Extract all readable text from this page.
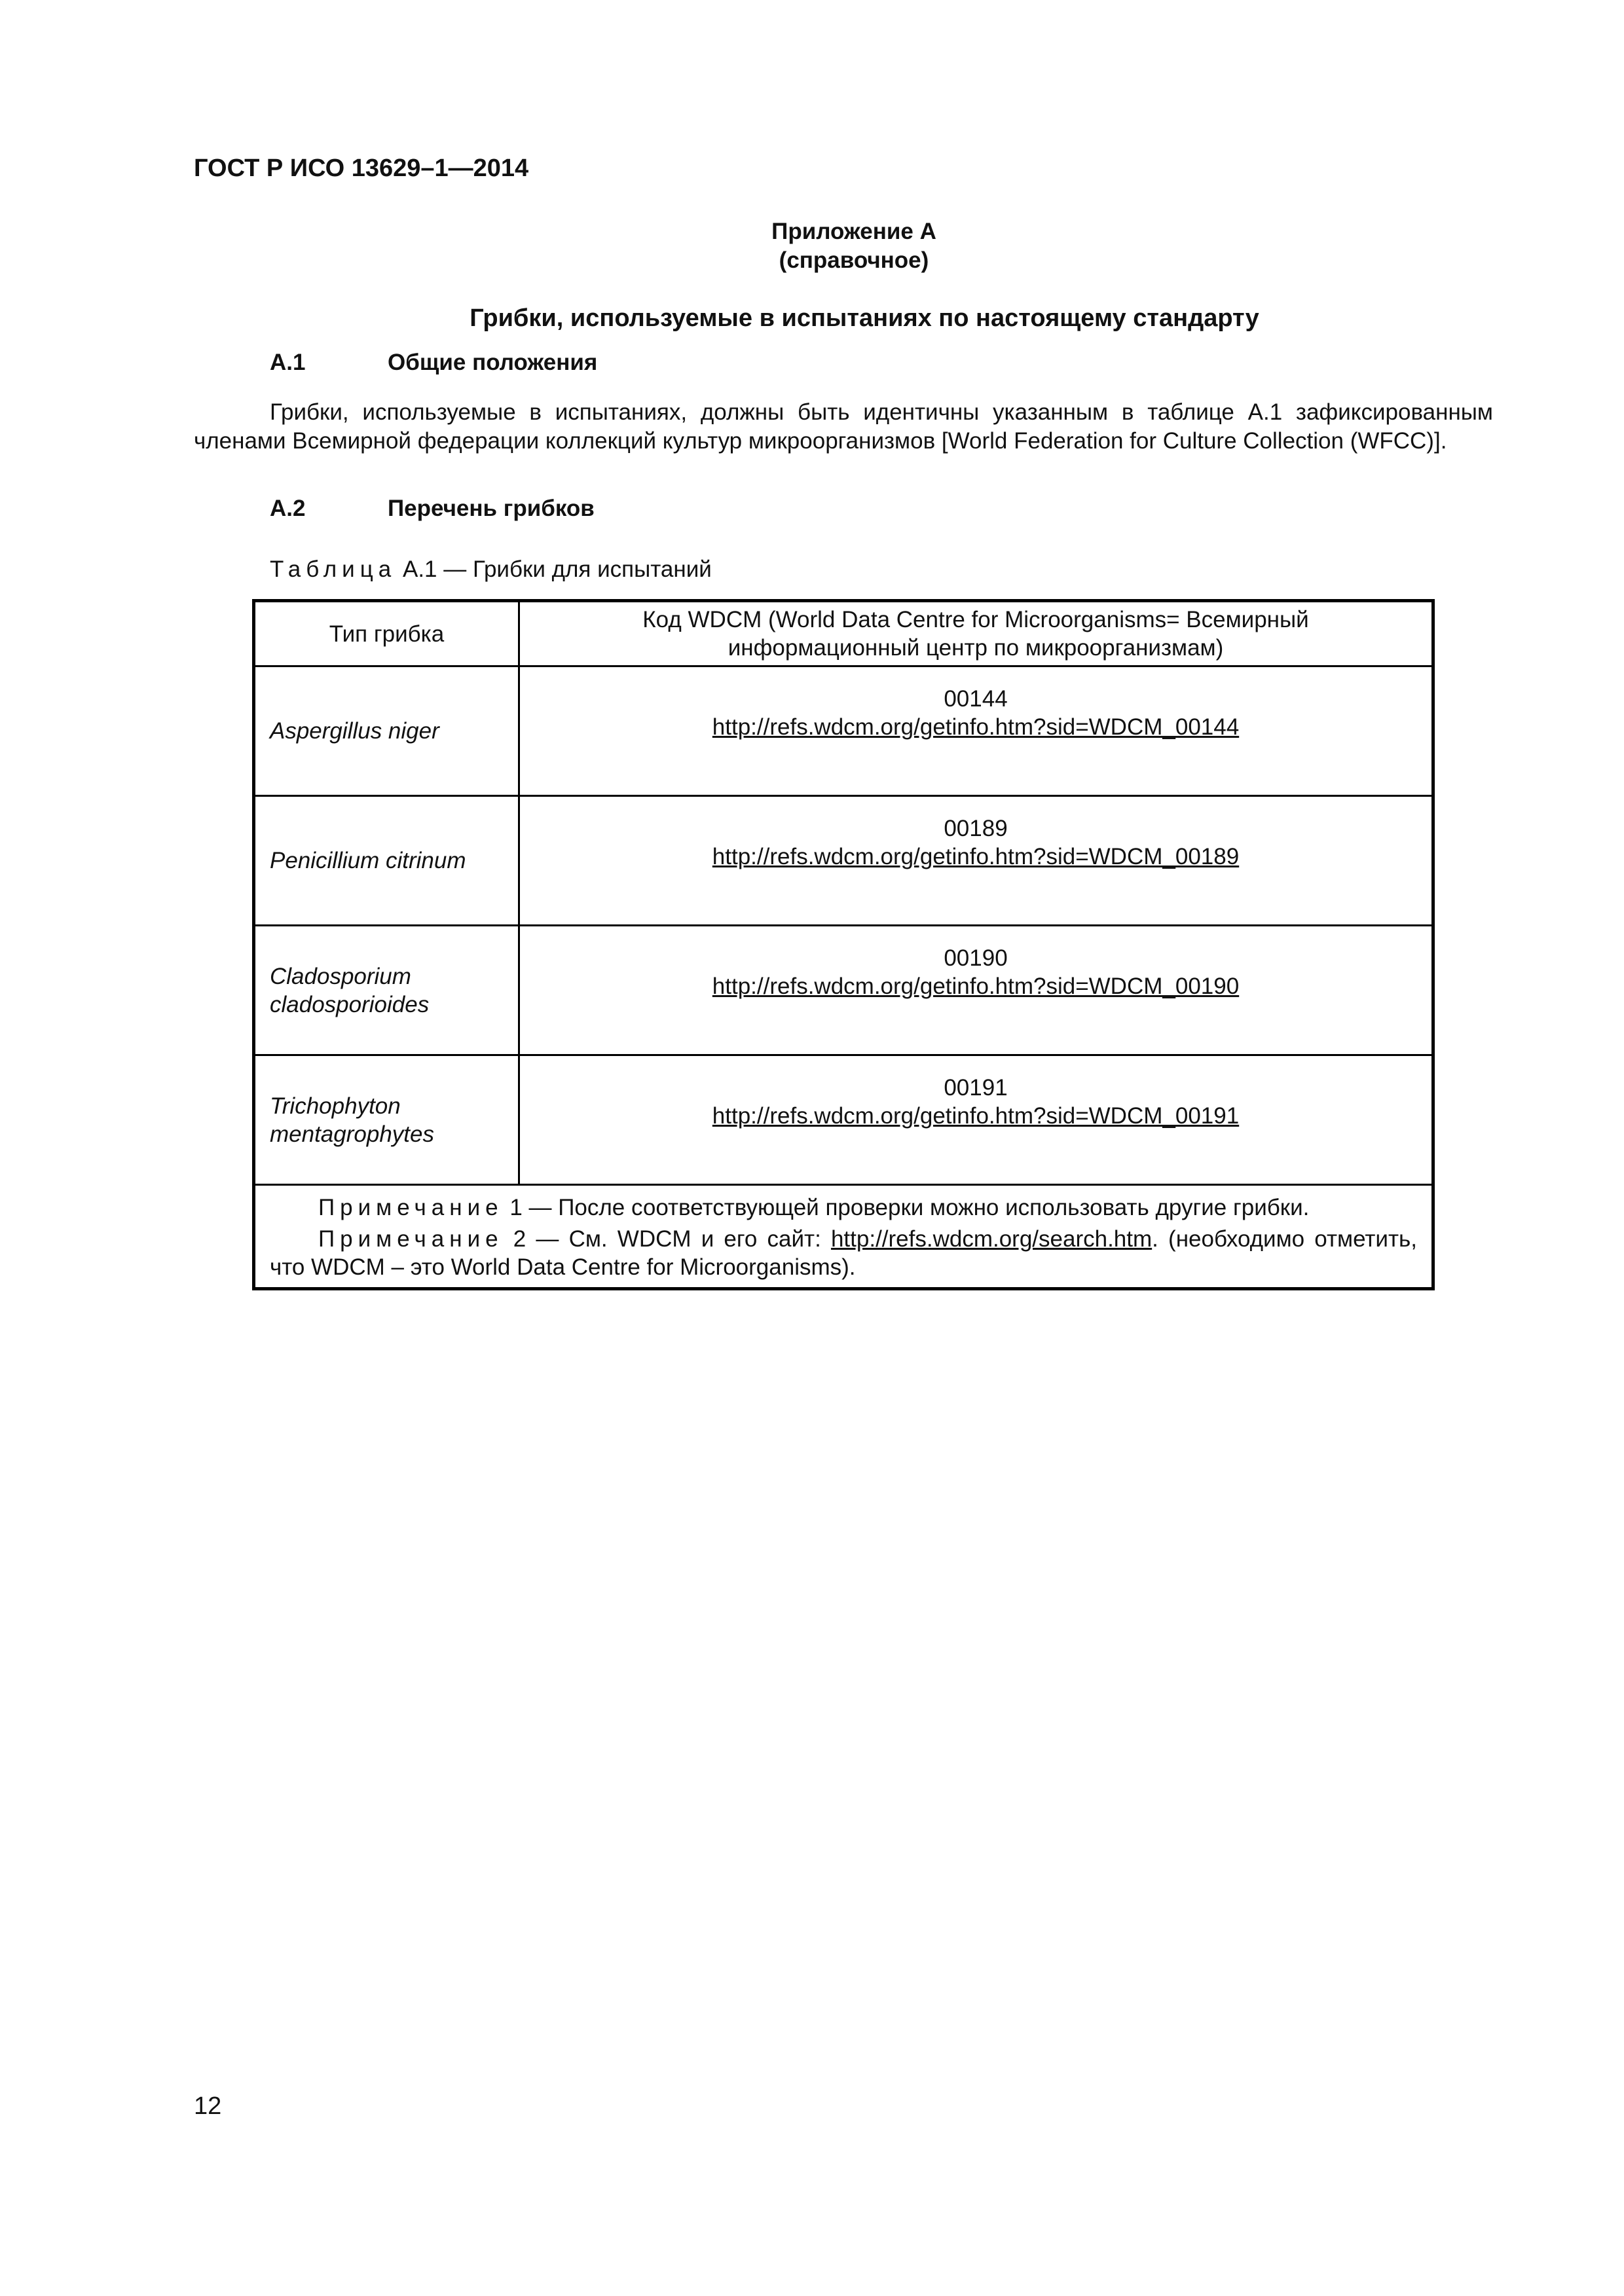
ГОСТ Р ИСО 13629–1—2014
Приложение А
(справочное)
Грибки, используемые в испытаниях по настоящему стандарту
А.1	Общие положения
Грибки, используемые в испытаниях, должны быть идентичны указанным в таблице А.1 зафиксированным членами Всемирной федерации коллекций культур микроорганизмов [World Federation for Culture Collection (WFCC)].
А.2	Перечень грибков
Таблица А.1 — Грибки для испытаний
Тип грибка
Код WDCM (World Data Centre for Microorganisms= Всемирный информационный центр по микроорганизмам)
Aspergillus niger
00144
http://refs.wdcm.org/getinfo.htm?sid=WDCM_00144
Penicillium citrinum
00189
http://refs.wdcm.org/getinfo.htm?sid=WDCM_00189
Cladosporium cladosporioides
00190
http://refs.wdcm.org/getinfo.htm?sid=WDCM_00190
Trichophyton mentagrophytes
00191
http://refs.wdcm.org/getinfo.htm?sid=WDCM_00191
Примечание 1 — После соответствующей проверки можно использовать другие грибки.
Примечание 2 — См. WDCM и его сайт: http://refs.wdcm.org/search.htm. (необходимо отметить, что WDCM – это World Data Centre for Microorganisms).
12
